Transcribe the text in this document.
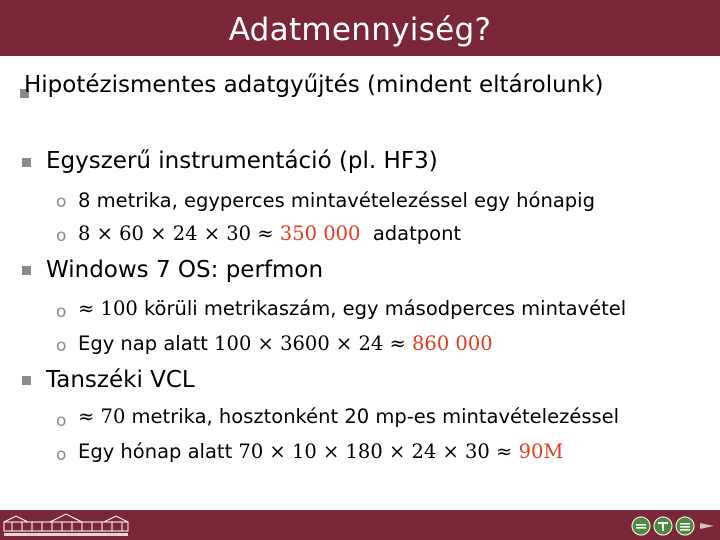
Adatmennyiség?
Hipotézismentes adatgyűjtés (mindent eltárolunk)
Egyszerű instrumentáció (pl. HF3)
o 8 metrika, egyperces mintavételezéssel egy hónapig
o 8 × 60 × 24 × 30 ≈ 350 000  adatpont
Windows 7 OS: perfmon
o ≈ 100 körüli metrikaszám, egy másodperces mintavétel
o Egy nap alatt 100 × 3600 × 24 ≈ 860 000
Tanszéki VCL
o ≈ 70 metrika, hosztonként 20 mp-es mintavételezéssel
o Egy hónap alatt 70 × 10 × 180 × 24 × 30 ≈ 90M
